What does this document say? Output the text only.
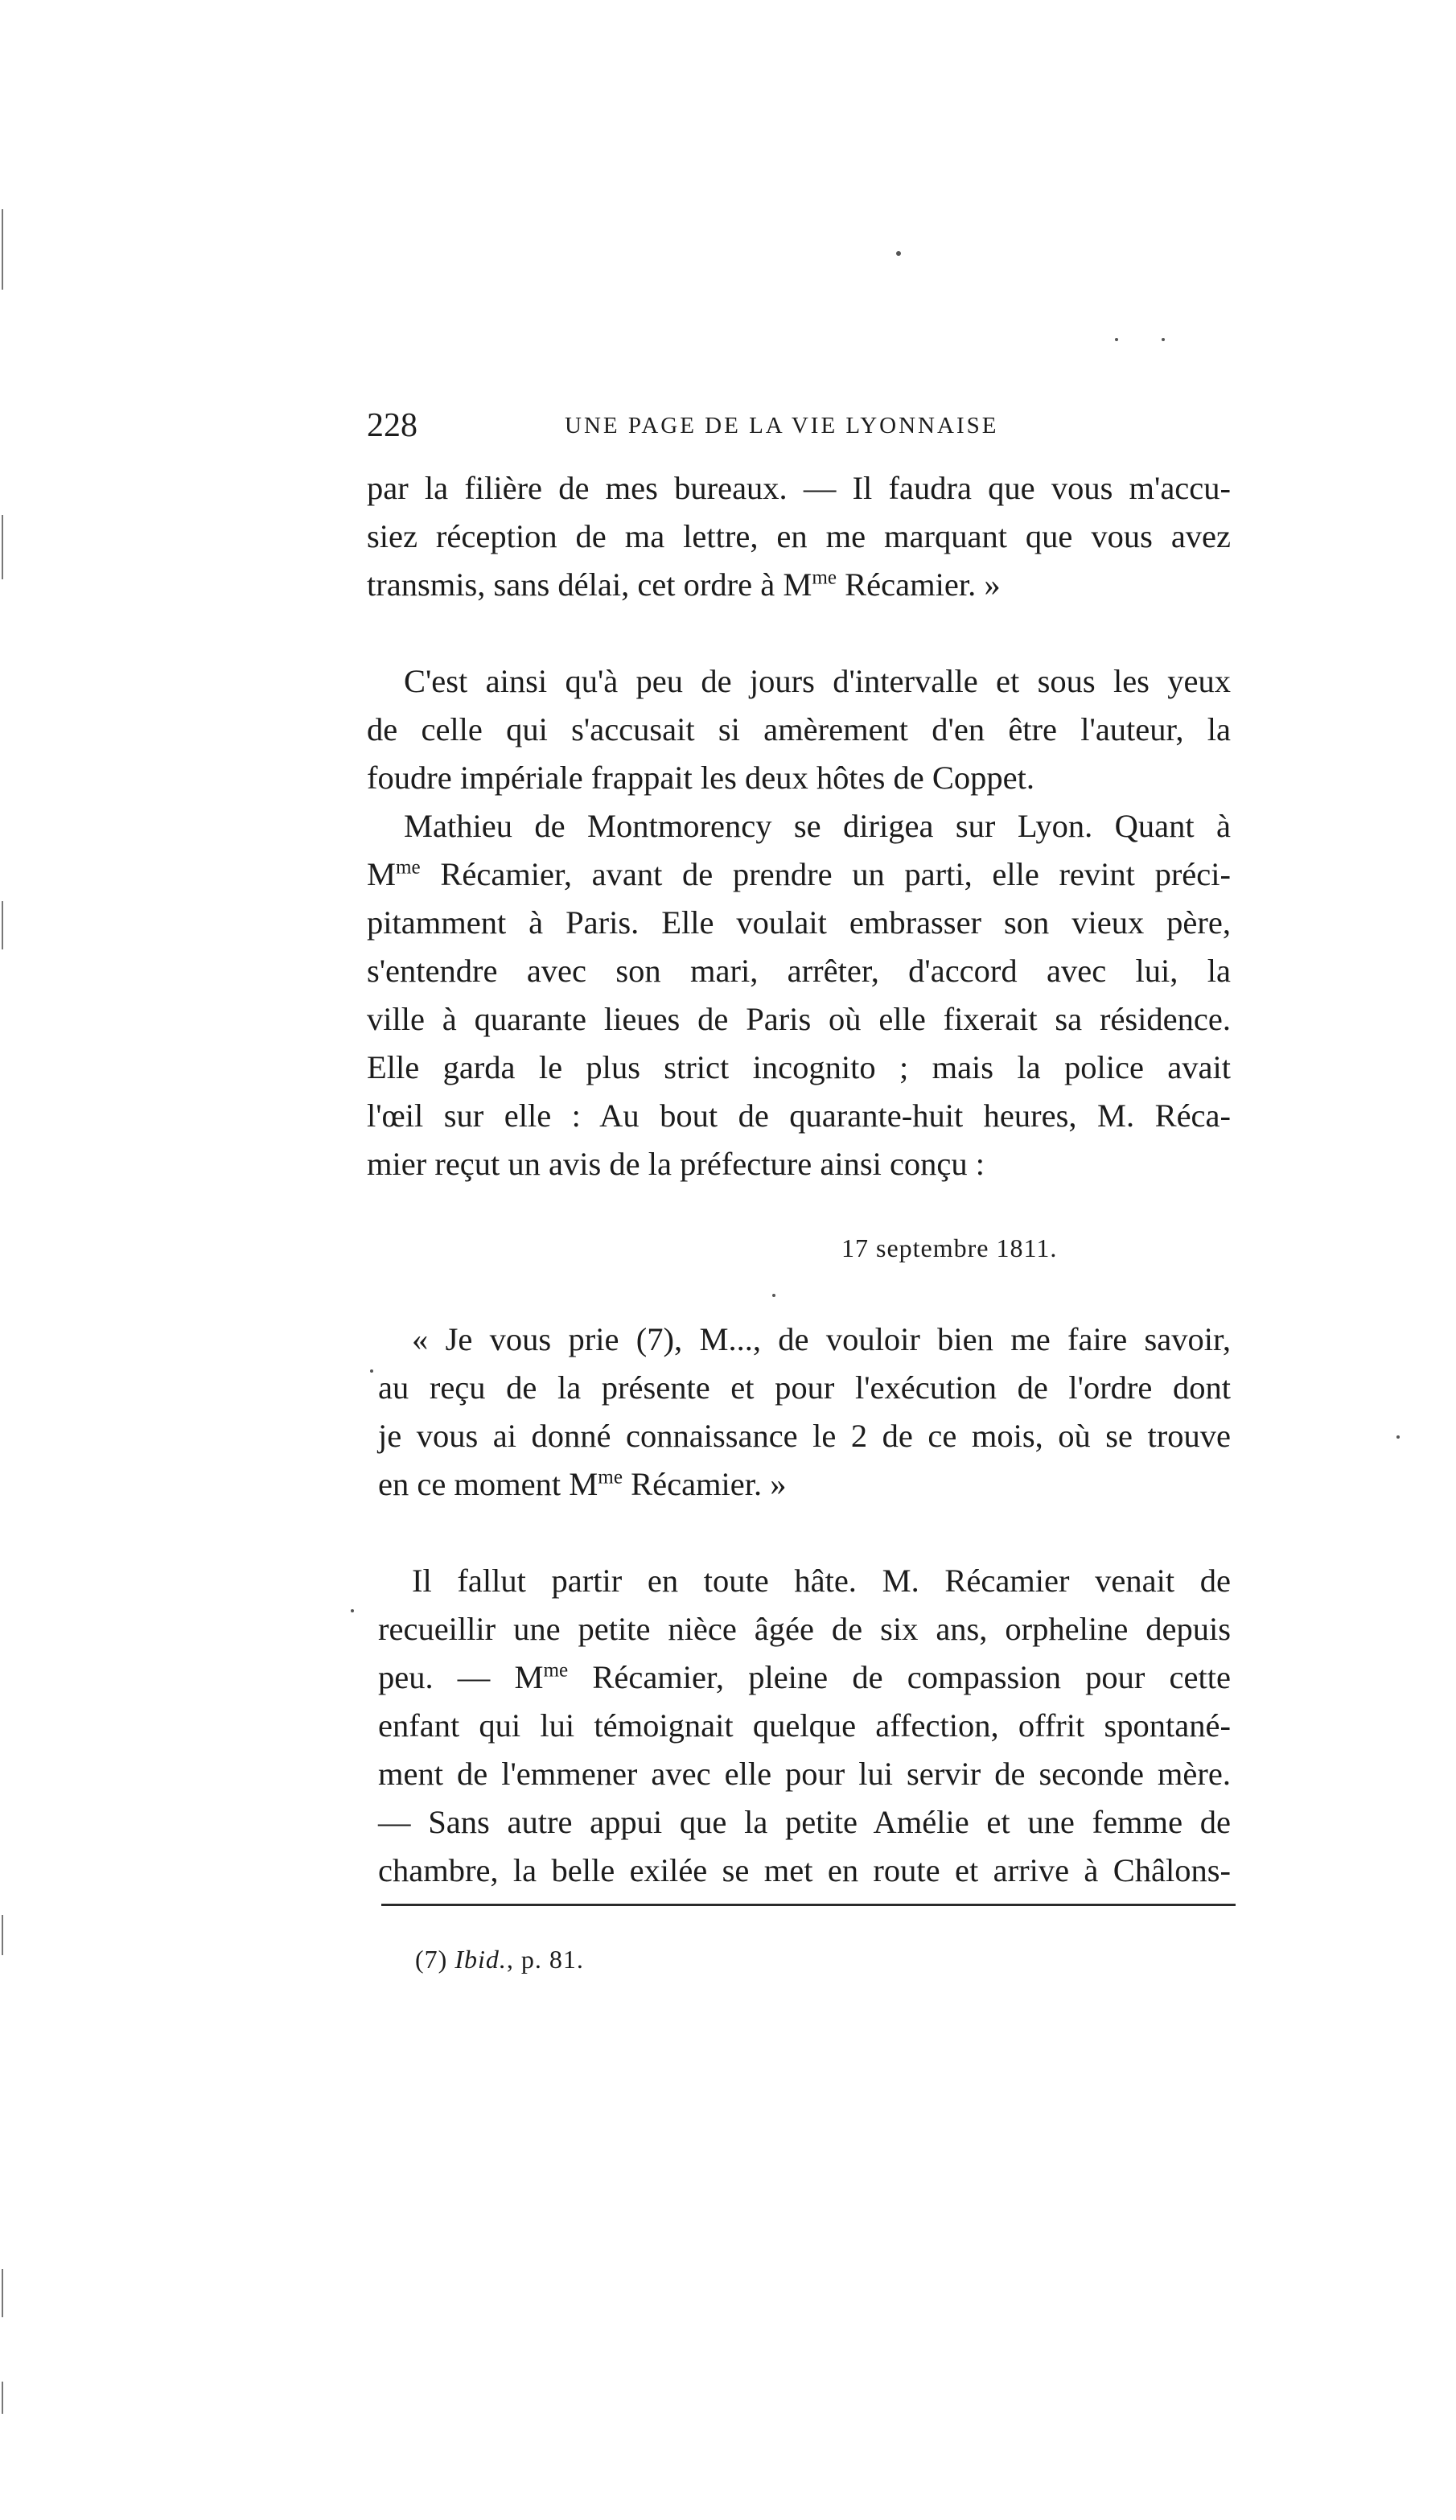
228	UNE PAGE DE LA VIE LYONNAISE
par la filière de mes bureaux. — Il faudra que vous m'accu-
siez réception de ma lettre, en me marquant que vous avez
transmis, sans délai, cet ordre à $M^{me}$ Récamier. »
C'est ainsi qu'à peu de jours d'intervalle et sous les yeux
de celle qui s'accusait si amèrement d'en être l'auteur, la
foudre impériale frappait les deux hôtes de Coppet.
Mathieu de Montmorency se dirigea sur Lyon. Quant à
$M^{me}$ Récamier, avant de prendre un parti, elle revint préci-
pitamment à Paris. Elle voulait embrasser son vieux père,
s'entendre avec son mari, arrêter, d'accord avec lui, la
ville à quarante lieues de Paris où elle fixerait sa résidence.
Elle garda le plus strict incognito ; mais la police avait
l'œil sur elle : Au bout de quarante-huit heures, M. Réca-
mier reçut un avis de la préfecture ainsi conçu :
17 septembre 1811.
« Je vous prie (7), M..., de vouloir bien me faire savoir,
au reçu de la présente et pour l'exécution de l'ordre dont
je vous ai donné connaissance le 2 de ce mois, où se trouve
en ce moment $M^{me}$ Récamier. »
Il fallut partir en toute hâte. M. Récamier venait de
recueillir une petite nièce âgée de six ans, orpheline depuis
peu. — $M^{me}$ Récamier, pleine de compassion pour cette
enfant qui lui témoignait quelque affection, offrit spontané-
ment de l'emmener avec elle pour lui servir de seconde mère.
— Sans autre appui que la petite Amélie et une femme de
chambre, la belle exilée se met en route et arrive à Châlons-
(7) Ibid., p. 81.
